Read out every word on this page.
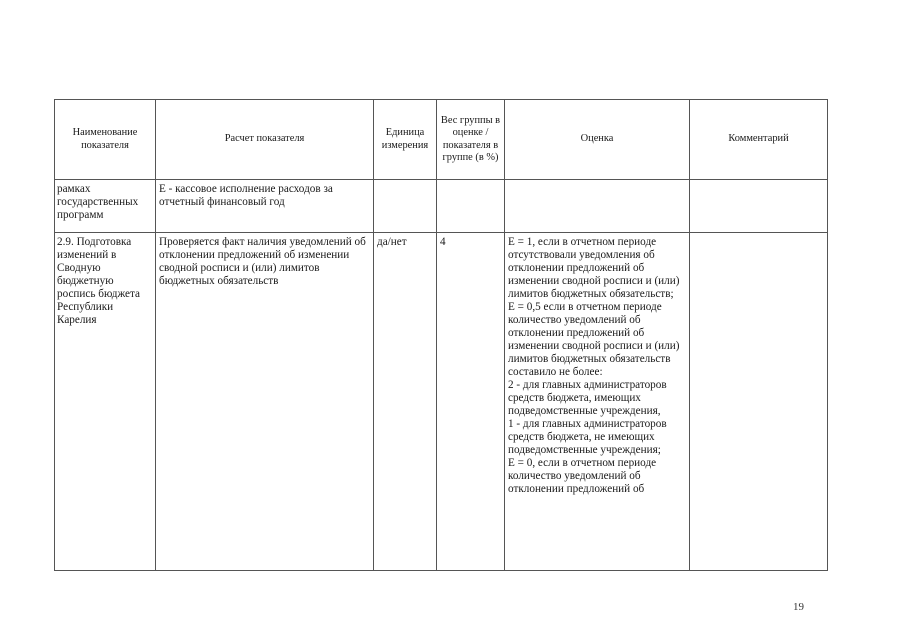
Наименование показателя	Расчет показателя	Единица измерения	Вес группы в оценке / показателя в группе (в %)	Оценка	Комментарий

рамках государственных программ	Е - кассовое исполнение расходов за отчетный финансовый год				

2.9. Подготовка изменений в Сводную бюджетную роспись бюджета Республики Карелия	Проверяется факт наличия уведомлений об отклонении предложений об изменении сводной росписи и (или) лимитов бюджетных обязательств	да/нет	4	Е = 1, если в отчетном периоде отсутствовали уведомления об отклонении предложений об изменении сводной росписи и (или) лимитов бюджетных обязательств;
Е = 0,5 если в отчетном периоде количество уведомлений об отклонении предложений об изменении сводной росписи и (или) лимитов бюджетных обязательств составило не более:
2 - для главных администраторов средств бюджета, имеющих подведомственные учреждения,
1 - для главных администраторов средств бюджета, не имеющих подведомственные учреждения;
Е = 0, если в отчетном периоде количество уведомлений об отклонении предложений об	

19
